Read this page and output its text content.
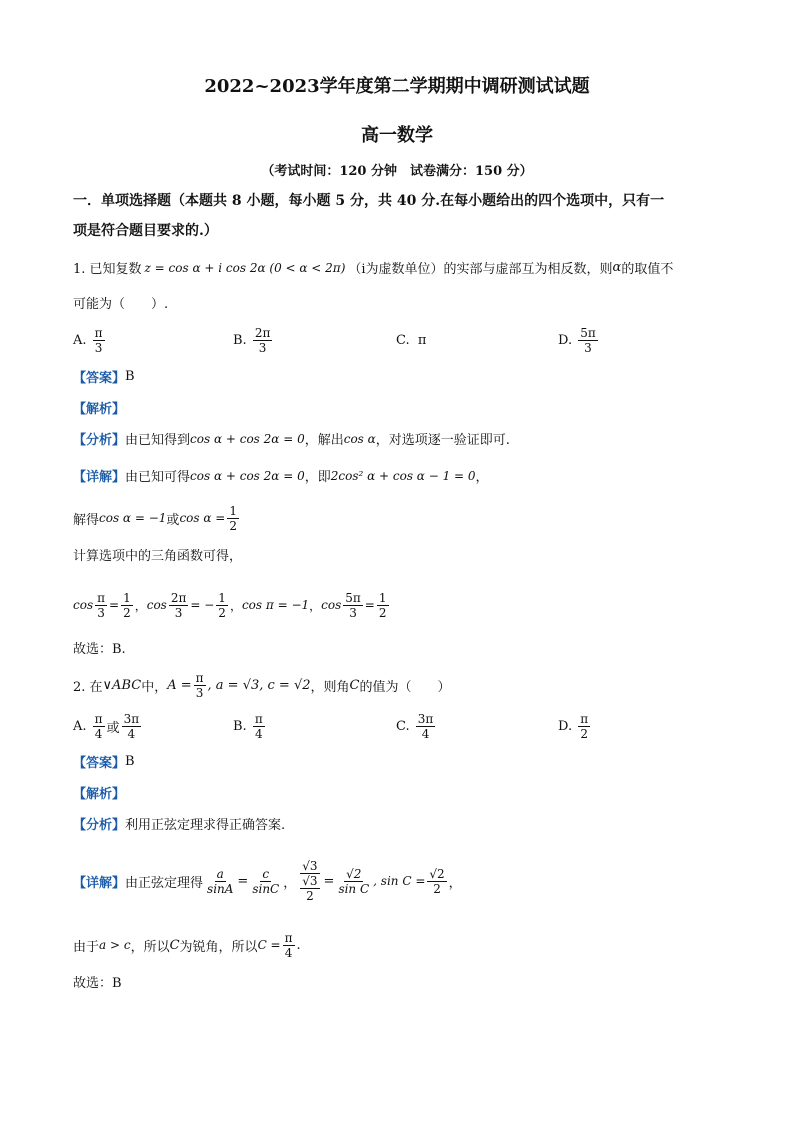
2022~2023学年度第二学期期中调研测试试题
高一数学
（考试时间：120 分钟　试卷满分：150 分）
一．单项选择题（本题共 8 小题，每小题 5 分，共 40 分.在每小题给出的四个选项中，只有一
项是符合题目要求的.）
1. 已知复数 z = cos α + i cos 2α (0 < α < 2π) （i为虚数单位）的实部与虚部互为相反数，则 α 的取值不
可能为（　　）.
A.
$\frac{\pi}{3}$	B.
$\frac{2\pi}{3}$	C.
π	D.
$\frac{5\pi}{3}$
【答案】 B
【解析】
【分析】 由已知得到 cos α + cos 2α = 0 ，解出 cos α ，对选项逐一验证即可.
【详解】 由已知可得 cos α + cos 2α = 0 ，即 2cos² α + cos α − 1 = 0 ，
解得 cos α = −1 或 $\cos \alpha = \frac{1}{2}$
计算选项中的三角函数可得，
$\cos \frac{\pi}{3} = \frac{1}{2}$ ， $\cos \frac{2\pi}{3}$ = − $\frac{1}{2}$ ， cos π = −1 ， $\cos \frac{5\pi}{3} = \frac{1}{2}$
故选：B.
2. 在 ∨ABC 中， $A = \frac{\pi}{3}$ , a = √3, c = √2 ，则角 C 的值为（　　）
A.
$\frac{\pi}{4}$ 或 $\frac{3\pi}{4}$	B.
$\frac{\pi}{4}$	C.
$\frac{3\pi}{4}$	D.
$\frac{\pi}{2}$
【答案】 B
【解析】
【分析】 利用正弦定理求得正确答案.
【详解】 由正弦定理得 $\frac{a}{\sin A} = \frac{c}{\sin C}$ ， √3
√3
$2 = \frac{√2}{\text{sin C}}$ , $\sin C = \frac{√2}{2}$ ，
由于 a > c ，所以 C 为锐角，所以 $C = \frac{\pi}{4}$ .
故选：B
